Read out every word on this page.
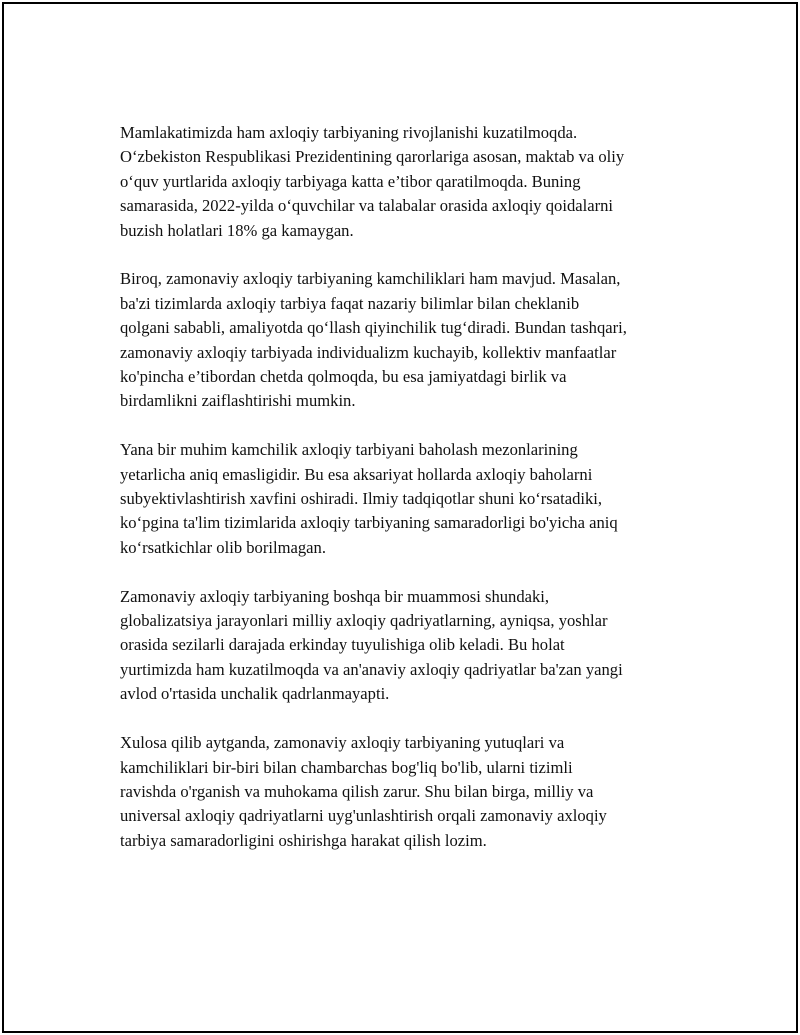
Mamlakatimizda ham axloqiy tarbiyaning rivojlanishi kuzatilmoqda.
O‘zbekiston Respublikasi Prezidentining qarorlariga asosan, maktab va oliy
o‘quv yurtlarida axloqiy tarbiyaga katta e’tibor qaratilmoqda. Buning
samarasida, 2022-yilda o‘quvchilar va talabalar orasida axloqiy qoidalarni
buzish holatlari 18% ga kamaygan.

Biroq, zamonaviy axloqiy tarbiyaning kamchiliklari ham mavjud. Masalan,
ba'zi tizimlarda axloqiy tarbiya faqat nazariy bilimlar bilan cheklanib
qolgani sababli, amaliyotda qo‘llash qiyinchilik tug‘diradi. Bundan tashqari,
zamonaviy axloqiy tarbiyada individualizm kuchayib, kollektiv manfaatlar
ko'pincha e’tibordan chetda qolmoqda, bu esa jamiyatdagi birlik va
birdamlikni zaiflashtirishi mumkin.

Yana bir muhim kamchilik axloqiy tarbiyani baholash mezonlarining
yetarlicha aniq emasligidir. Bu esa aksariyat hollarda axloqiy baholarni
subyektivlashtirish xavfini oshiradi. Ilmiy tadqiqotlar shuni ko‘rsatadiki,
ko‘pgina ta'lim tizimlarida axloqiy tarbiyaning samaradorligi bo'yicha aniq
ko‘rsatkichlar olib borilmagan.

Zamonaviy axloqiy tarbiyaning boshqa bir muammosi shundaki,
globalizatsiya jarayonlari milliy axloqiy qadriyatlarning, ayniqsa, yoshlar
orasida sezilarli darajada erkinday tuyulishiga olib keladi. Bu holat
yurtimizda ham kuzatilmoqda va an'anaviy axloqiy qadriyatlar ba'zan yangi
avlod o'rtasida unchalik qadrlanmayapti.

Xulosa qilib aytganda, zamonaviy axloqiy tarbiyaning yutuqlari va
kamchiliklari bir-biri bilan chambarchas bog'liq bo'lib, ularni tizimli
ravishda o'rganish va muhokama qilish zarur. Shu bilan birga, milliy va
universal axloqiy qadriyatlarni uyg'unlashtirish orqali zamonaviy axloqiy
tarbiya samaradorligini oshirishga harakat qilish lozim.
